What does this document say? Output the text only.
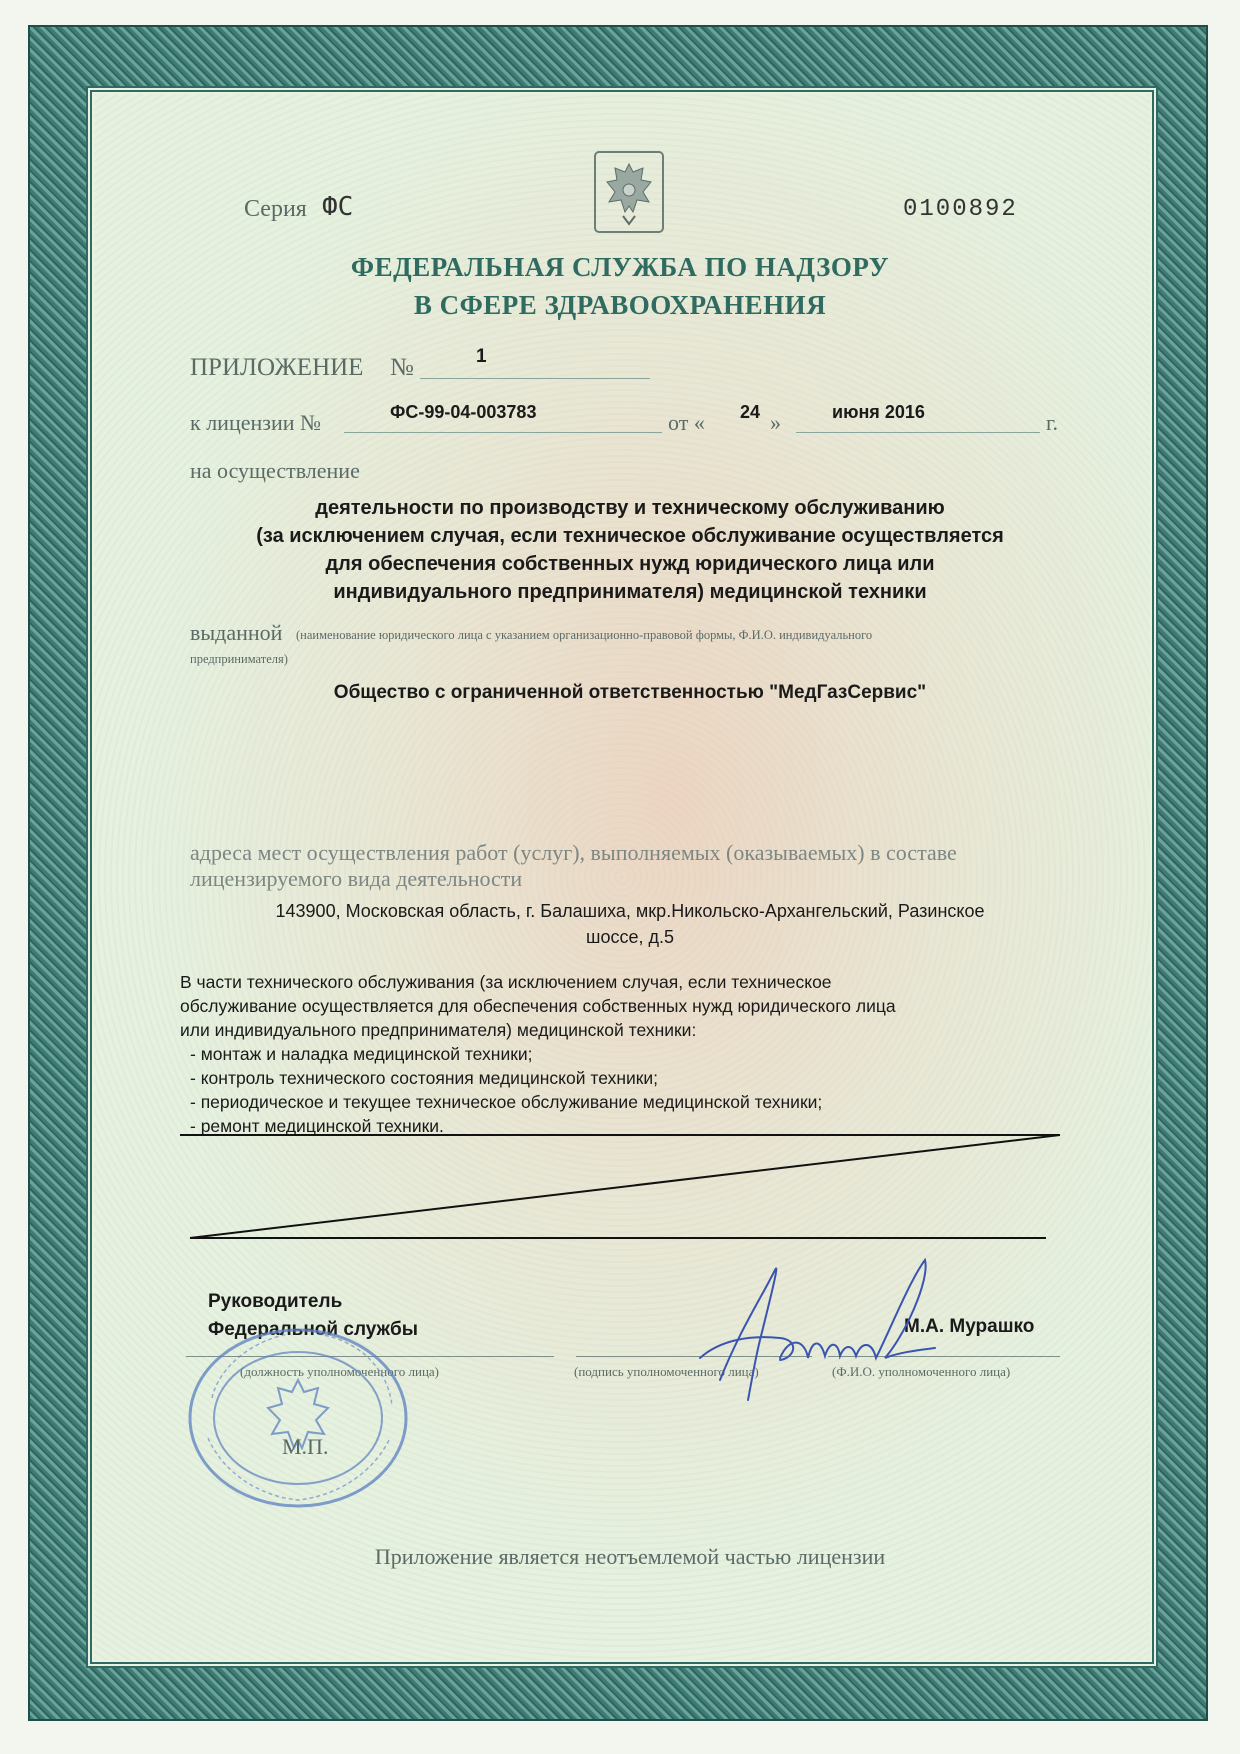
Серия ФС	0100892
ФЕДЕРАЛЬНАЯ СЛУЖБА ПО НАДЗОРУ
В СФЕРЕ ЗДРАВООХРАНЕНИЯ
ПРИЛОЖЕНИЕ №	1
к лицензии №	ФС-99-04-003783	от « 24 »	июня 2016	г.
на осуществление
деятельности по производству и техническому обслуживанию
(за исключением случая, если техническое обслуживание осуществляется
для обеспечения собственных нужд юридического лица или
индивидуального предпринимателя) медицинской техники
выданной (наименование юридического лица с указанием организационно-правовой формы, Ф.И.О. индивидуального
предпринимателя)
Общество с ограниченной ответственностью "МедГазСервис"
адреса мест осуществления работ (услуг), выполняемых (оказываемых) в составе
лицензируемого вида деятельности
143900, Московская область, г. Балашиха, мкр.Никольско-Архангельский, Разинское
шоссе, д.5
В части технического обслуживания (за исключением случая, если техническое
обслуживание осуществляется для обеспечения собственных нужд юридического лица
или индивидуального предпринимателя) медицинской техники:
- монтаж и наладка медицинской техники;
- контроль технического состояния медицинской техники;
- периодическое и текущее техническое обслуживание медицинской техники;
- ремонт медицинской техники.
Руководитель
Федеральной службы	М.А. Мурашко
(должность уполномоченного лица)	(подпись уполномоченного лица)	(Ф.И.О. уполномоченного лица)
М.П.
Приложение является неотъемлемой частью лицензии
